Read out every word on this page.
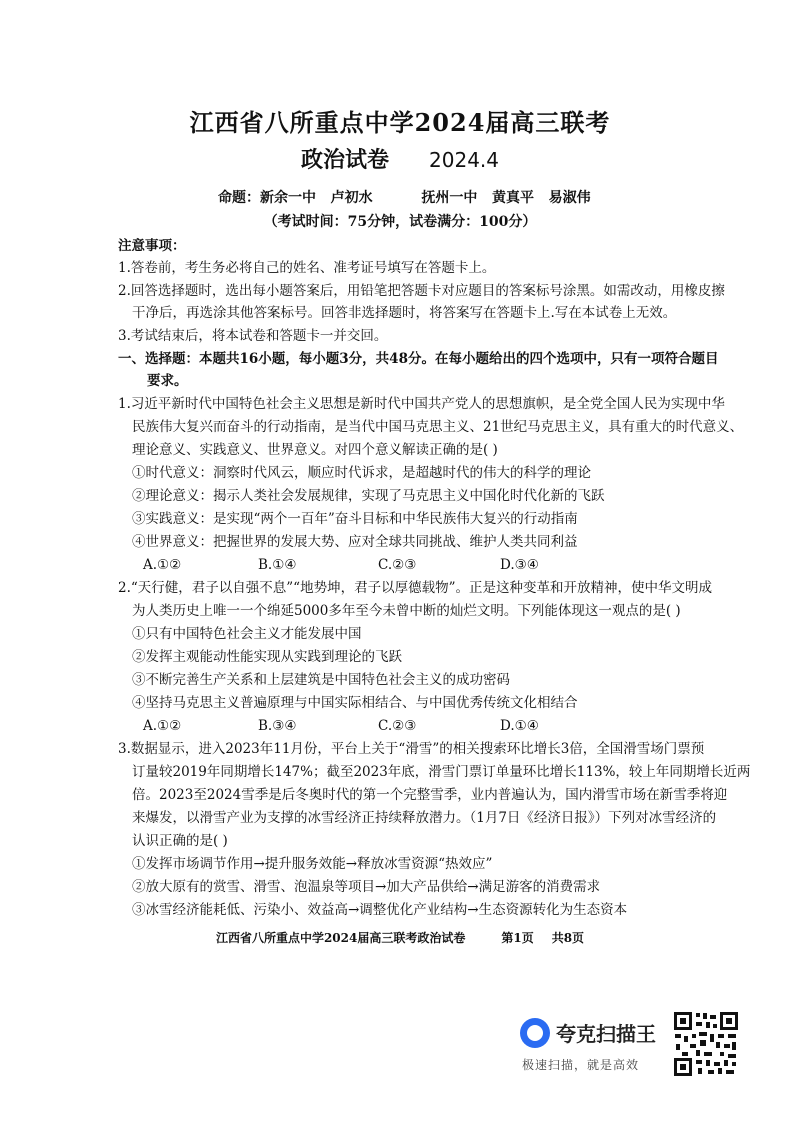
江西省八所重点中学2024届高三联考
政治试卷 2024.4
命题：新余一中   卢初水          抚州一中   黄真平   易淑伟
（考试时间：75分钟，试卷满分：100分）
注意事项：
1.答卷前，考生务必将自己的姓名、准考证号填写在答题卡上。
2.回答选择题时，选出每小题答案后，用铅笔把答题卡对应题目的答案标号涂黑。如需改动，用橡皮擦
干净后，再选涂其他答案标号。回答非选择题时，将答案写在答题卡上.写在本试卷上无效。
3.考试结束后，将本试卷和答题卡一并交回。
一、选择题：本题共16小题，每小题3分，共48分。在每小题给出的四个选项中，只有一项符合题目
要求。
1.习近平新时代中国特色社会主义思想是新时代中国共产党人的思想旗帜，是全党全国人民为实现中华
民族伟大复兴而奋斗的行动指南，是当代中国马克思主义、21世纪马克思主义，具有重大的时代意义、
理论意义、实践意义、世界意义。对四个意义解读正确的是( )
①时代意义：洞察时代风云，顺应时代诉求，是超越时代的伟大的科学的理论
②理论意义：揭示人类社会发展规律，实现了马克思主义中国化时代化新的飞跃
③实践意义：是实现“两个一百年”奋斗目标和中华民族伟大复兴的行动指南
④世界意义：把握世界的发展大势、应对全球共同挑战、维护人类共同利益
A.①②	B.①④	C.②③	D.③④
2.“天行健，君子以自强不息”“地势坤，君子以厚德载物”。正是这种变革和开放精神，使中华文明成
为人类历史上唯一一个绵延5000多年至今未曾中断的灿烂文明。下列能体现这一观点的是( )
①只有中国特色社会主义才能发展中国
②发挥主观能动性能实现从实践到理论的飞跃
③不断完善生产关系和上层建筑是中国特色社会主义的成功密码
④坚持马克思主义普遍原理与中国实际相结合、与中国优秀传统文化相结合
A.①②	B.③④	C.②③	D.①④
3.数据显示，进入2023年11月份，平台上关于“滑雪”的相关搜索环比增长3倍，全国滑雪场门票预
订量较2019年同期增长147%；截至2023年底，滑雪门票订单量环比增长113%，较上年同期增长近两
倍。2023至2024雪季是后冬奥时代的第一个完整雪季，业内普遍认为，国内滑雪市场在新雪季将迎
来爆发，以滑雪产业为支撑的冰雪经济正持续释放潜力。（1月7日《经济日报》）下列对冰雪经济的
认识正确的是( )
①发挥市场调节作用→提升服务效能→释放冰雪资源“热效应”
江西省八所重点中学2024届高三联考政治试卷	第1页 共8页
夸克扫描王
极速扫描，就是高效
②放大原有的赏雪、滑雪、泡温泉等项目→加大产品供给→满足游客的消费需求
③冰雪经济能耗低、污染小、效益高→调整优化产业结构→生态资源转化为生态资本
